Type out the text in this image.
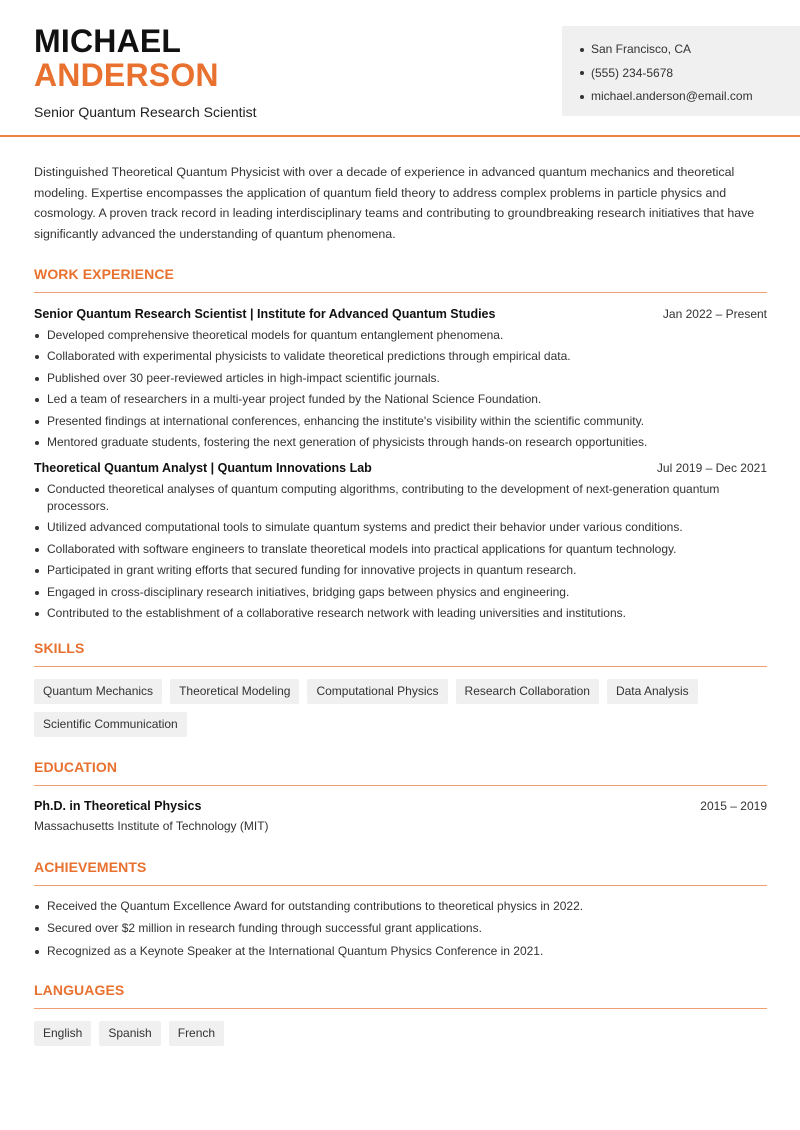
MICHAEL
ANDERSON
Senior Quantum Research Scientist
San Francisco, CA
(555) 234-5678
michael.anderson@email.com

Distinguished Theoretical Quantum Physicist with over a decade of experience in advanced quantum mechanics and theoretical modeling. Expertise encompasses the application of quantum field theory to address complex problems in particle physics and cosmology. A proven track record in leading interdisciplinary teams and contributing to groundbreaking research initiatives that have significantly advanced the understanding of quantum phenomena.

WORK EXPERIENCE
Senior Quantum Research Scientist | Institute for Advanced Quantum Studies	Jan 2022 – Present
Developed comprehensive theoretical models for quantum entanglement phenomena.
Collaborated with experimental physicists to validate theoretical predictions through empirical data.
Published over 30 peer-reviewed articles in high-impact scientific journals.
Led a team of researchers in a multi-year project funded by the National Science Foundation.
Presented findings at international conferences, enhancing the institute's visibility within the scientific community.
Mentored graduate students, fostering the next generation of physicists through hands-on research opportunities.
Theoretical Quantum Analyst | Quantum Innovations Lab	Jul 2019 – Dec 2021
Conducted theoretical analyses of quantum computing algorithms, contributing to the development of next-generation quantum processors.
Utilized advanced computational tools to simulate quantum systems and predict their behavior under various conditions.
Collaborated with software engineers to translate theoretical models into practical applications for quantum technology.
Participated in grant writing efforts that secured funding for innovative projects in quantum research.
Engaged in cross-disciplinary research initiatives, bridging gaps between physics and engineering.
Contributed to the establishment of a collaborative research network with leading universities and institutions.
SKILLS
Quantum Mechanics	Theoretical Modeling	Computational Physics	Research Collaboration	Data Analysis
Scientific Communication
EDUCATION
Ph.D. in Theoretical Physics	2015 – 2019
Massachusetts Institute of Technology (MIT)
ACHIEVEMENTS
Received the Quantum Excellence Award for outstanding contributions to theoretical physics in 2022.
Secured over $2 million in research funding through successful grant applications.
Recognized as a Keynote Speaker at the International Quantum Physics Conference in 2021.
LANGUAGES
English	Spanish	French
